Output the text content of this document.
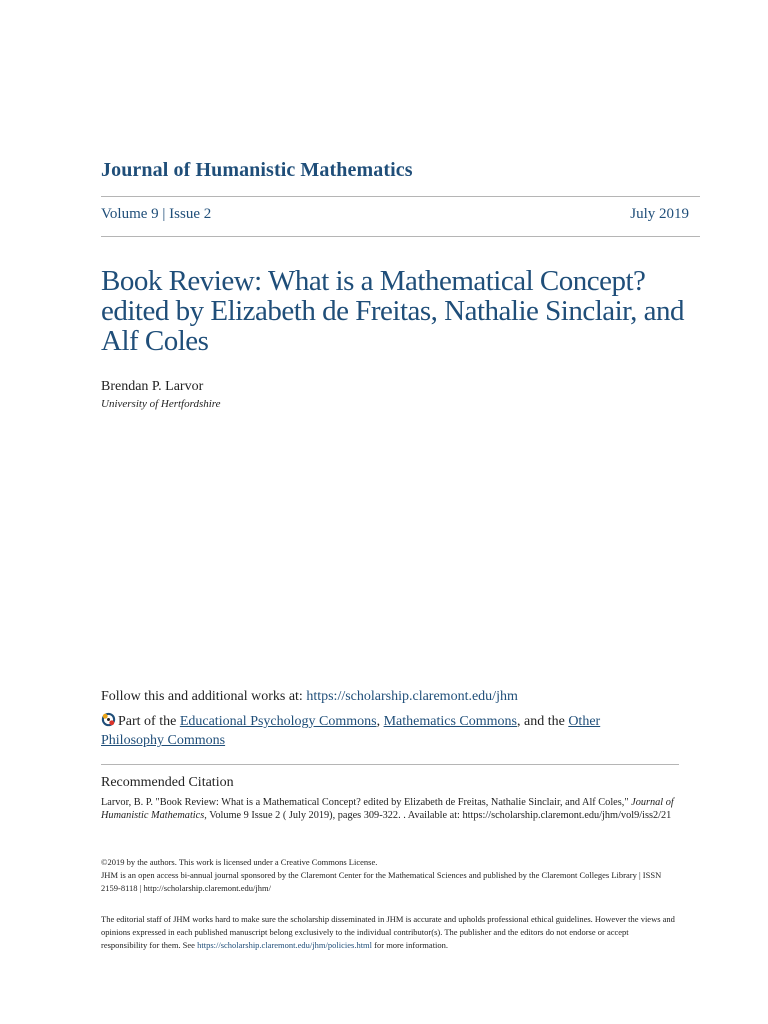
Journal of Humanistic Mathematics
Volume 9 | Issue 2	July 2019
Book Review: What is a Mathematical Concept? edited by Elizabeth de Freitas, Nathalie Sinclair, and Alf Coles
Brendan P. Larvor
University of Hertfordshire
Follow this and additional works at: https://scholarship.claremont.edu/jhm
Part of the Educational Psychology Commons, Mathematics Commons, and the Other Philosophy Commons
Recommended Citation
Larvor, B. P. "Book Review: What is a Mathematical Concept? edited by Elizabeth de Freitas, Nathalie Sinclair, and Alf Coles," Journal of Humanistic Mathematics, Volume 9 Issue 2 ( July 2019), pages 309-322. . Available at: https://scholarship.claremont.edu/jhm/vol9/iss2/21
©2019 by the authors. This work is licensed under a Creative Commons License.
JHM is an open access bi-annual journal sponsored by the Claremont Center for the Mathematical Sciences and published by the Claremont Colleges Library | ISSN 2159-8118 | http://scholarship.claremont.edu/jhm/
The editorial staff of JHM works hard to make sure the scholarship disseminated in JHM is accurate and upholds professional ethical guidelines. However the views and opinions expressed in each published manuscript belong exclusively to the individual contributor(s). The publisher and the editors do not endorse or accept responsibility for them. See https://scholarship.claremont.edu/jhm/policies.html for more information.
